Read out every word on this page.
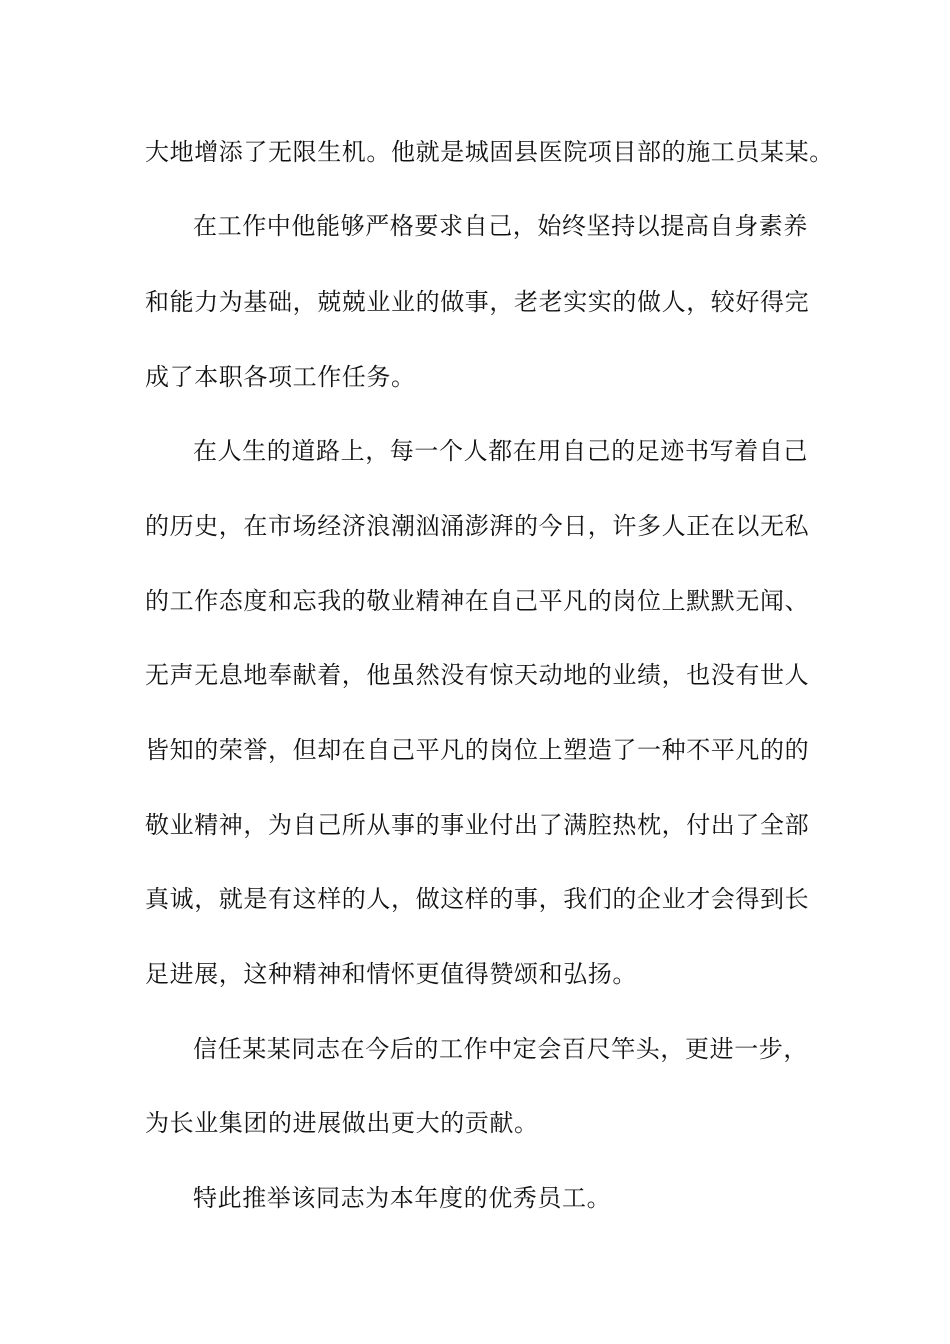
大地增添了无限生机。他就是城固县医院项目部的施工员某某。
在工作中他能够严格要求自己，始终坚持以提高自身素养
和能力为基础，兢兢业业的做事，老老实实的做人，较好得完
成了本职各项工作任务。
在人生的道路上，每一个人都在用自己的足迹书写着自己
的历史，在市场经济浪潮汹涌澎湃的今日，许多人正在以无私
的工作态度和忘我的敬业精神在自己平凡的岗位上默默无闻、
无声无息地奉献着，他虽然没有惊天动地的业绩，也没有世人
皆知的荣誉，但却在自己平凡的岗位上塑造了一种不平凡的的
敬业精神，为自己所从事的事业付出了满腔热枕，付出了全部
真诚，就是有这样的人，做这样的事，我们的企业才会得到长
足进展，这种精神和情怀更值得赞颂和弘扬。
信任某某同志在今后的工作中定会百尺竿头，更进一步，
为长业集团的进展做出更大的贡献。
特此推举该同志为本年度的优秀员工。
